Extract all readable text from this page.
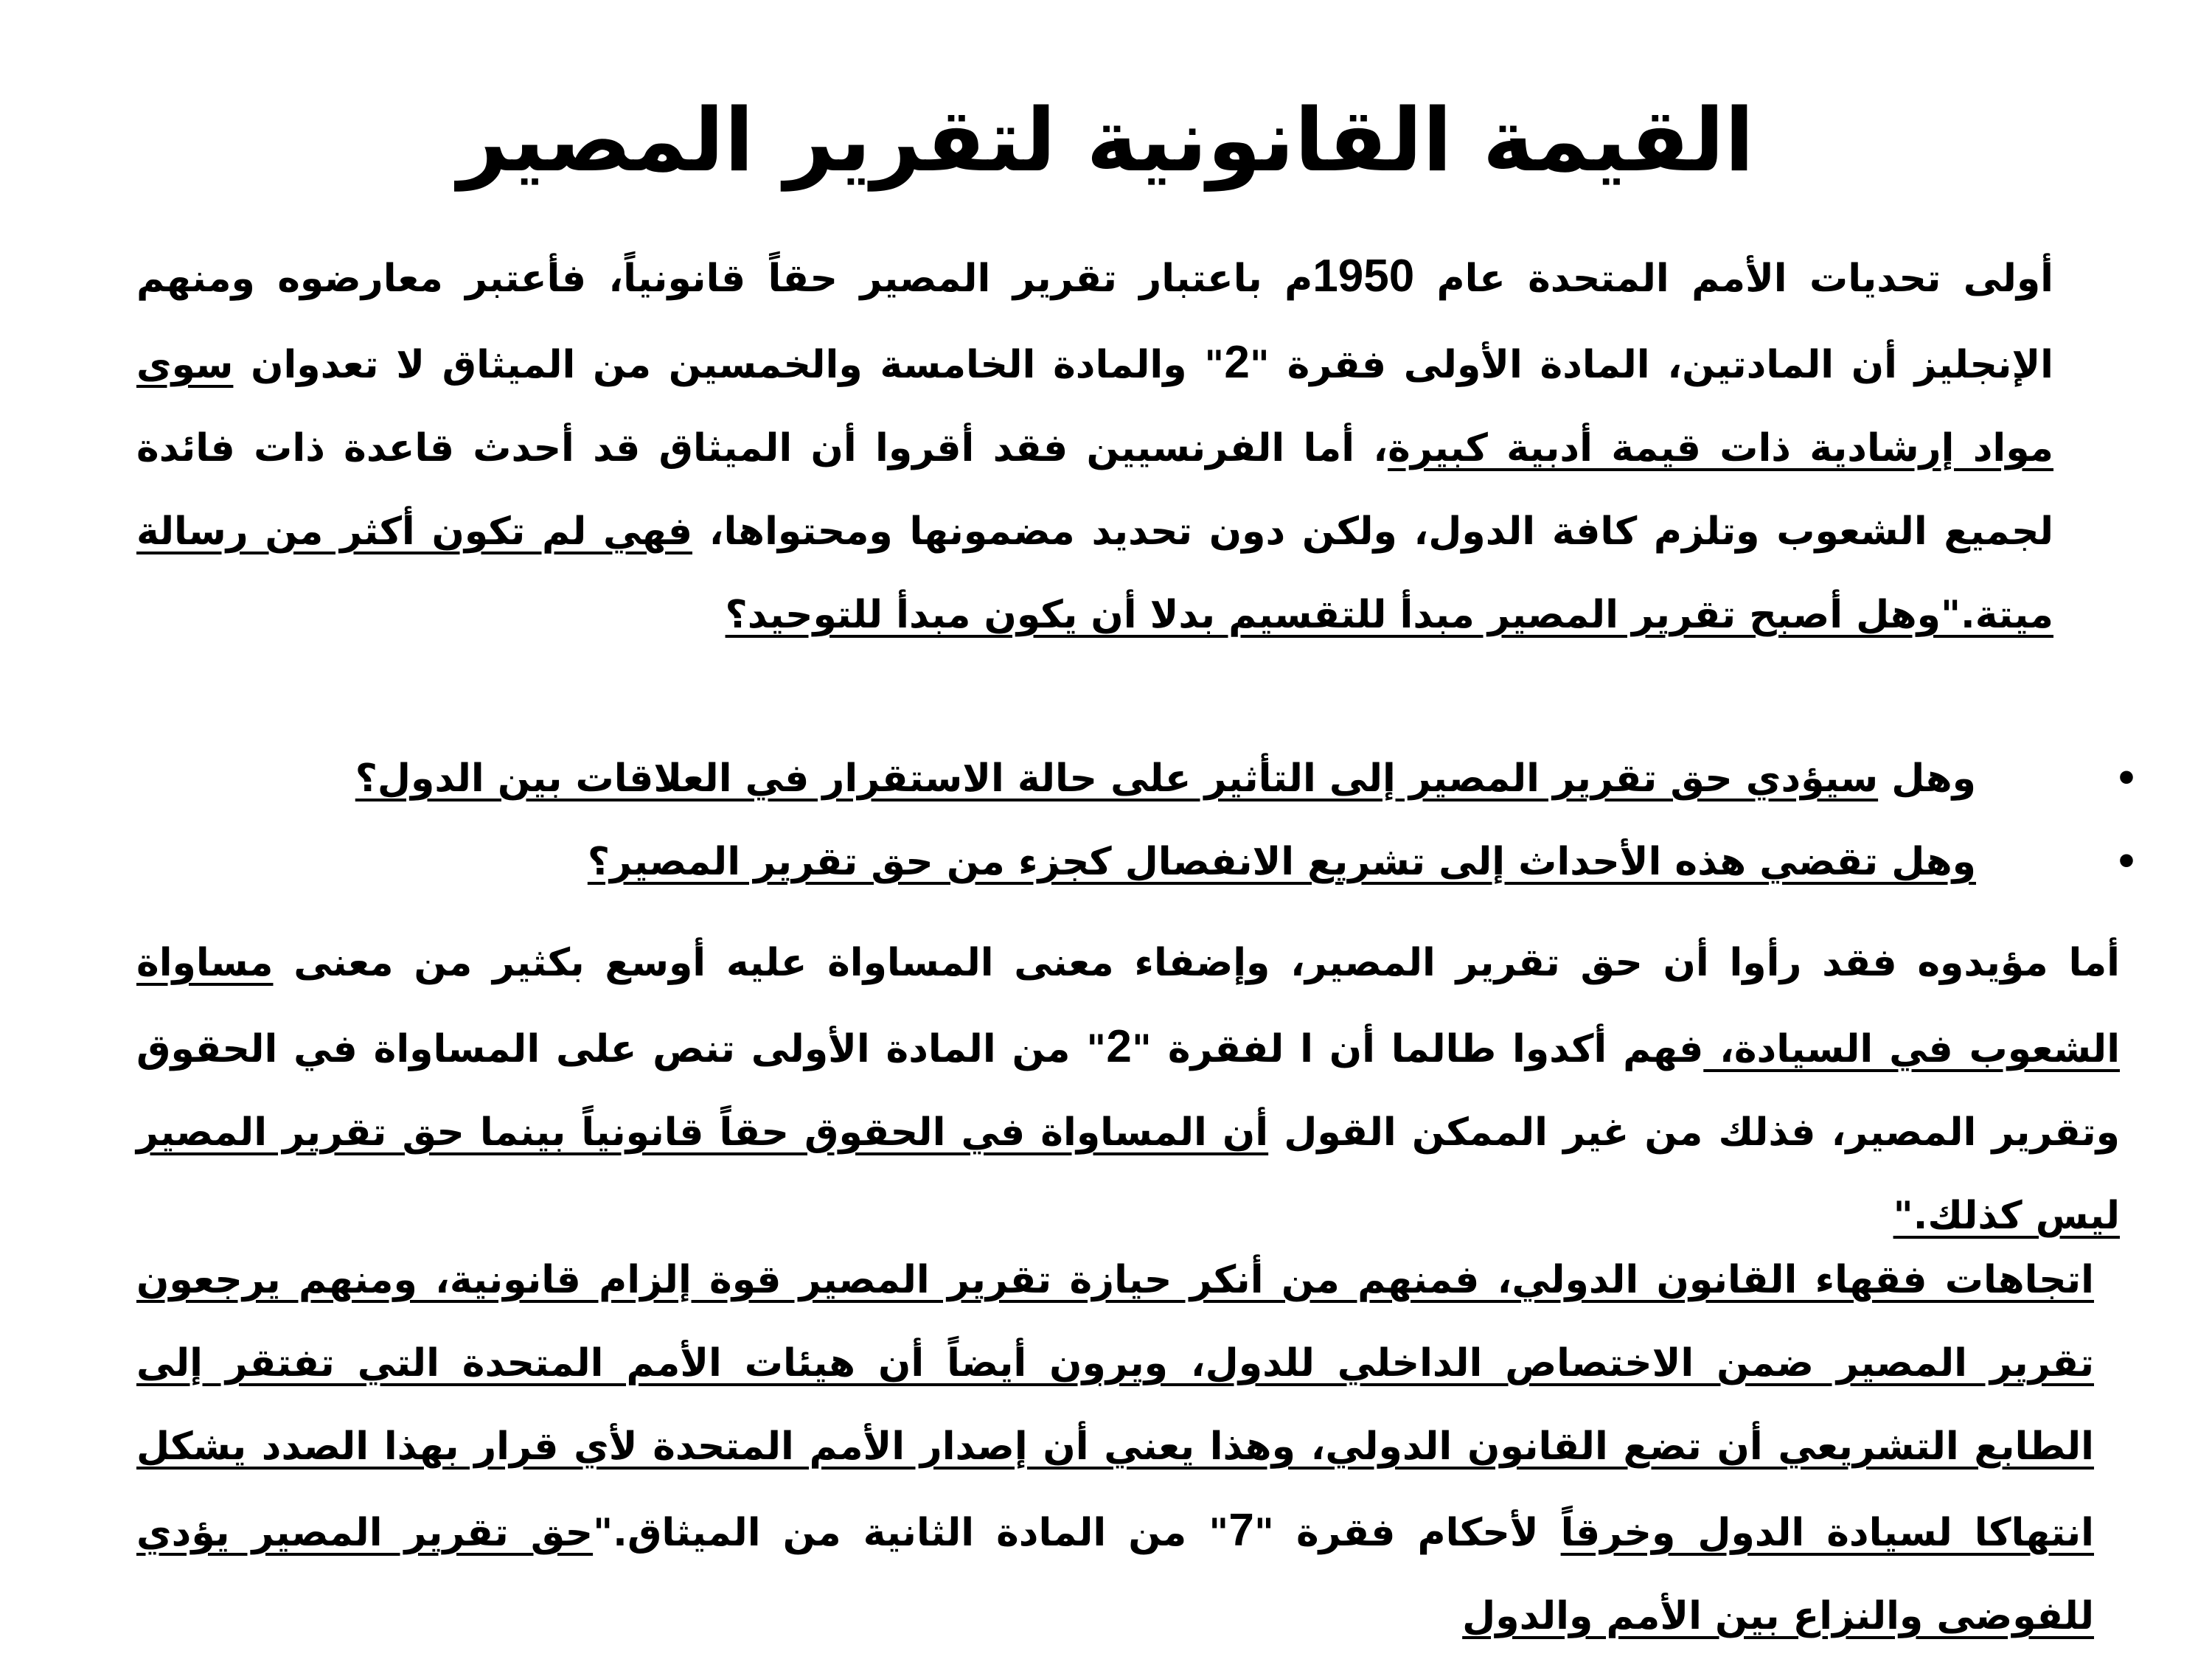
القيمة القانونية لتقرير المصير

أولى تحديات الأمم المتحدة عام 1950م باعتبار تقرير المصير حقاً قانونياً، فأعتبر معارضوه ومنهم الإنجليز أن المادتين، المادة الأولى فقرة "2" والمادة الخامسة والخمسين من الميثاق لا تعدوان سوى مواد إرشادية ذات قيمة أدبية كبيرة، أما الفرنسيين فقد أقروا أن الميثاق قد أحدث قاعدة ذات فائدة لجميع الشعوب وتلزم كافة الدول، ولكن دون تحديد مضمونها ومحتواها، فهي لم تكون أكثر من رسالة ميتة."وهل أصبح تقرير المصير مبدأ للتقسيم بدلا أن يكون مبدأ للتوحيد؟

•
وهل سيؤدي حق تقرير المصير إلى التأثير على حالة الاستقرار في العلاقات بين الدول؟
•
وهل تقضي هذه الأحداث إلى تشريع الانفصال كجزء من حق تقرير المصير؟

أما مؤيدوه فقد رأوا أن حق تقرير المصير، وإضفاء معنى المساواة عليه أوسع بكثير من معنى مساواة الشعوب في السيادة، فهم أكدوا طالما أن ا لفقرة "2" من المادة الأولى تنص على المساواة في الحقوق وتقرير المصير، فذلك من غير الممكن القول أن المساواة في الحقوق حقاً قانونياً بينما حق تقرير المصير ليس كذلك."

اتجاهات فقهاء القانون الدولي، فمنهم من أنكر حيازة تقرير المصير قوة إلزام قانونية، ومنهم يرجعون تقرير المصير ضمن الاختصاص الداخلي للدول، ويرون أيضاً أن هيئات الأمم المتحدة التي تفتقر إلى الطابع التشريعي أن تضع القانون الدولي، وهذا يعني أن إصدار الأمم المتحدة لأي قرار بهذا الصدد يشكل انتهاكا لسيادة الدول وخرقاً لأحكام فقرة "7" من المادة الثانية من الميثاق."حق تقرير المصير يؤدي للفوضى والنزاع بين الأمم والدول
